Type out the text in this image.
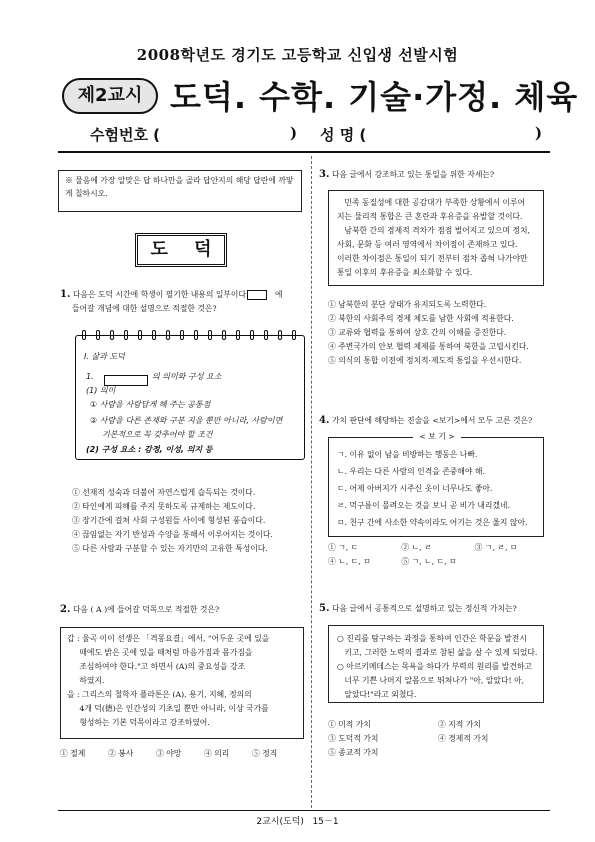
2008학년도 경기도 고등학교 신입생 선발시험
제2교시 도덕. 수학. 기술·가정. 체육
수험번호 (	) 성 명 (	)
※ 물음에 가장 알맞은 답 하나만을 골라 답안지의 해당 답란에 까맣게 칠하시오.
도 덕
1. 다음은 도덕 시간에 학생이 필기한 내용의 일부이다.	에
들어갈 개념에 대한 설명으로 적절한 것은?
Ⅰ. 삶과 도덕
1.	의 의미와 구성 요소
(1) 의미
① 사람을 사람답게 해 주는 공통점
② 사람을 다른 존재와 구분 지을 뿐만 아니라, 사람이면
기본적으로 꼭 갖추어야 할 조건
(2) 구성 요소 : 감정, 이성, 의지 등
① 선재적 성숙과 더불어 자연스럽게 습득되는 것이다.
② 타인에게 피해를 주지 못하도록 규제하는 제도이다.
③ 장기간에 걸쳐 사회 구성원들 사이에 형성된 풍습이다.
④ 끊임없는 자기 반성과 수양을 통해서 이루어지는 것이다.
⑤ 다른 사람과 구분할 수 있는 자기만의 고유한 특성이다.
2. 다음 ( A )에 들어갈 덕목으로 적절한 것은?
갑 : 율곡 이이 선생은 「격몽요결」에서, "어두운 곳에 있을
때에도 밝은 곳에 있을 때처럼 마음가짐과 몸가짐을
조심하여야 한다."고 하면서 (A)의 중요성을 강조
하였지.
을 : 그리스의 철학자 플라톤은 (A), 용기, 지혜, 정의의
4개 덕(德)은 인간성의 기초일 뿐만 아니라, 이상 국가를
형성하는 기본 덕목이라고 강조하였어.
① 절제	② 봉사	③ 야망	④ 의리	⑤ 정직
3. 다음 글에서 강조하고 있는 통일을 위한 자세는?
민족 동질성에 대한 공감대가 부족한 상황에서 이루어
지는 물리적 통합은 큰 혼란과 후유증을 유발할 것이다.
남북한 간의 경제적 격차가 점점 벌어지고 있으며 정치,
사회, 문화 등 여러 영역에서 차이점이 존재하고 있다.
이러한 차이점은 통일이 되기 전부터 점차 좁혀 나가야만
통일 이후의 후유증을 최소화할 수 있다.
① 남북한의 분단 상태가 유지되도록 노력한다.
② 북한의 사회주의 경제 체도를 남한 사회에 적용한다.
③ 교류와 협력을 통하여 상호 간의 이해를 증진한다.
④ 주변국가의 안보 협력 체제를 통하여 북한을 고립시킨다.
⑤ 의식의 통합 이전에 정치적·제도적 통일을 우선시한다.
4. 가치 판단에 해당하는 진술을 <보기>에서 모두 고른 것은?
< 보 기 >
ㄱ. 이유 없이 남을 비방하는 행동은 나빠.
ㄴ. 우리는 다른 사람의 인격을 존중해야 해.
ㄷ. 어제 아버지가 시주신 옷이 너무나도 좋아.
ㄹ. 먹구름이 몰려오는 것을 보니 곧 비가 내리겠네.
ㅁ. 친구 간에 사소한 약속이라도 어기는 것은 옳지 않아.
① ㄱ, ㄷ	② ㄴ, ㄹ	③ ㄱ, ㄹ, ㅁ
④ ㄴ, ㄷ, ㅁ	⑤ ㄱ, ㄴ, ㄷ, ㅁ
5. 다음 글에서 공통적으로 설명하고 있는 정신적 가치는?
○ 진리를 탐구하는 과정을 통하여 인간은 학문을 발전시
키고, 그러한 노력의 결과로 참된 삶을 살 수 있게 되었다.
○ 아르키메데스는 목욕을 하다가 부력의 원리를 발견하고
너무 기쁜 나머지 알몸으로 뛰쳐나가 "아, 알았다! 아,
알았다!"라고 외쳤다.
① 미적 가치	② 지적 가치
③ 도덕적 가치	④ 경제적 가치
⑤ 종교적 가치
2교시(도덕)   15－1
